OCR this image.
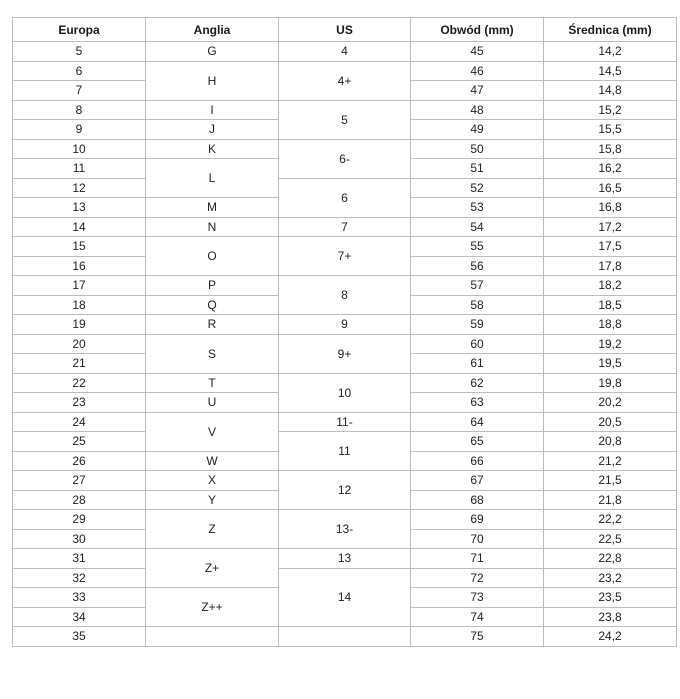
Europa	Anglia	US	Obwód (mm)	Średnica (mm)
5	G	4	45	14,2
6	H	4+	46	14,5
7			47	14,8
8	I	5	48	15,2
9	J		49	15,5
10	K	6-	50	15,8
11	L		51	16,2
12		6	52	16,5
13	M		53	16,8
14	N	7	54	17,2
15	O	7+	55	17,5
16			56	17,8
17	P	8	57	18,2
18	Q		58	18,5
19	R	9	59	18,8
20	S	9+	60	19,2
21			61	19,5
22	T	10	62	19,8
23	U		63	20,2
24	V	11-	64	20,5
25		11	65	20,8
26	W		66	21,2
27	X	12	67	21,5
28	Y		68	21,8
29	Z	13-	69	22,2
30			70	22,5
31	Z+	13	71	22,8
32		14	72	23,2
33	Z++		73	23,5
34			74	23,8
35			75	24,2
